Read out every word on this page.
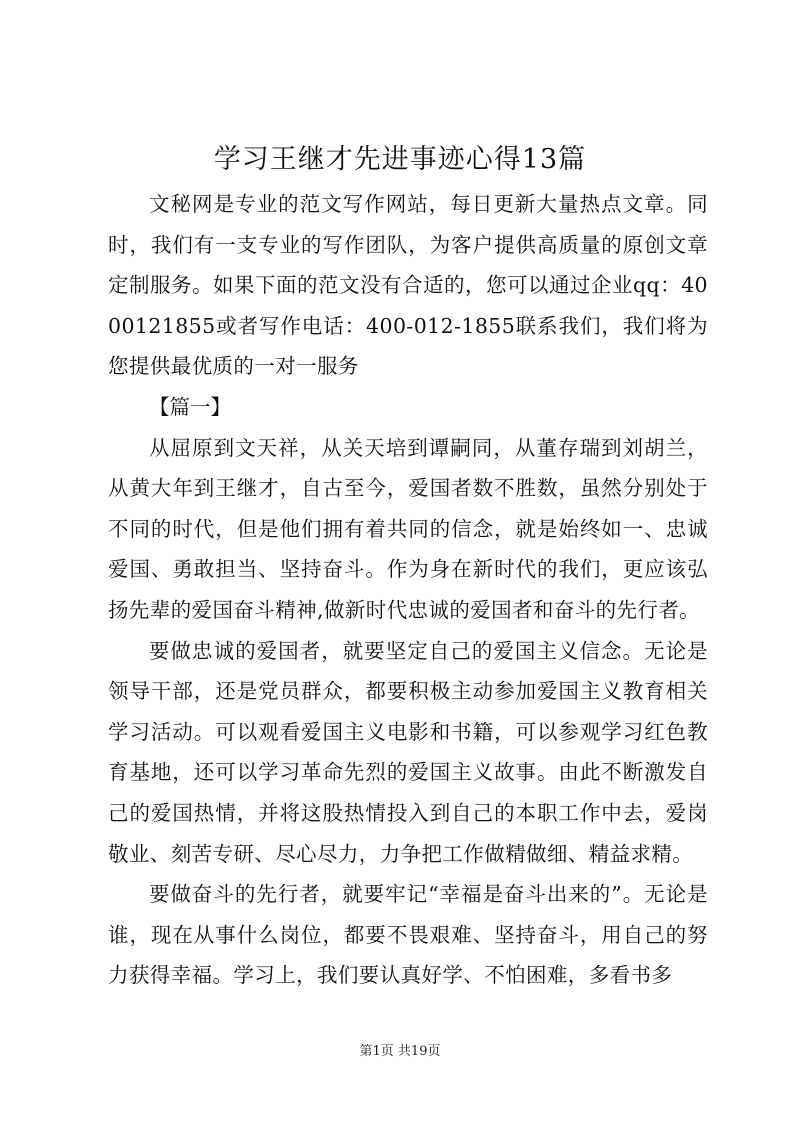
学习王继才先进事迹心得13篇

文秘网是专业的范文写作网站，每日更新大量热点文章。同时，我们有一支专业的写作团队，为客户提供高质量的原创文章定制服务。如果下面的范文没有合适的，您可以通过企业qq：4000121855或者写作电话：400-012-1855联系我们，我们将为您提供最优质的一对一服务

【篇一】

从屈原到文天祥，从关天培到谭嗣同，从董存瑞到刘胡兰，从黄大年到王继才，自古至今，爱国者数不胜数，虽然分别处于不同的时代，但是他们拥有着共同的信念，就是始终如一、忠诚爱国、勇敢担当、坚持奋斗。作为身在新时代的我们，更应该弘扬先辈的爱国奋斗精神,做新时代忠诚的爱国者和奋斗的先行者。

要做忠诚的爱国者，就要坚定自己的爱国主义信念。无论是领导干部，还是党员群众，都要积极主动参加爱国主义教育相关学习活动。可以观看爱国主义电影和书籍，可以参观学习红色教育基地，还可以学习革命先烈的爱国主义故事。由此不断激发自己的爱国热情，并将这股热情投入到自己的本职工作中去，爱岗敬业、刻苦专研、尽心尽力，力争把工作做精做细、精益求精。

要做奋斗的先行者，就要牢记“幸福是奋斗出来的”。无论是谁，现在从事什么岗位，都要不畏艰难、坚持奋斗，用自己的努力获得幸福。学习上，我们要认真好学、不怕困难，多看书多

第1页 共19页
